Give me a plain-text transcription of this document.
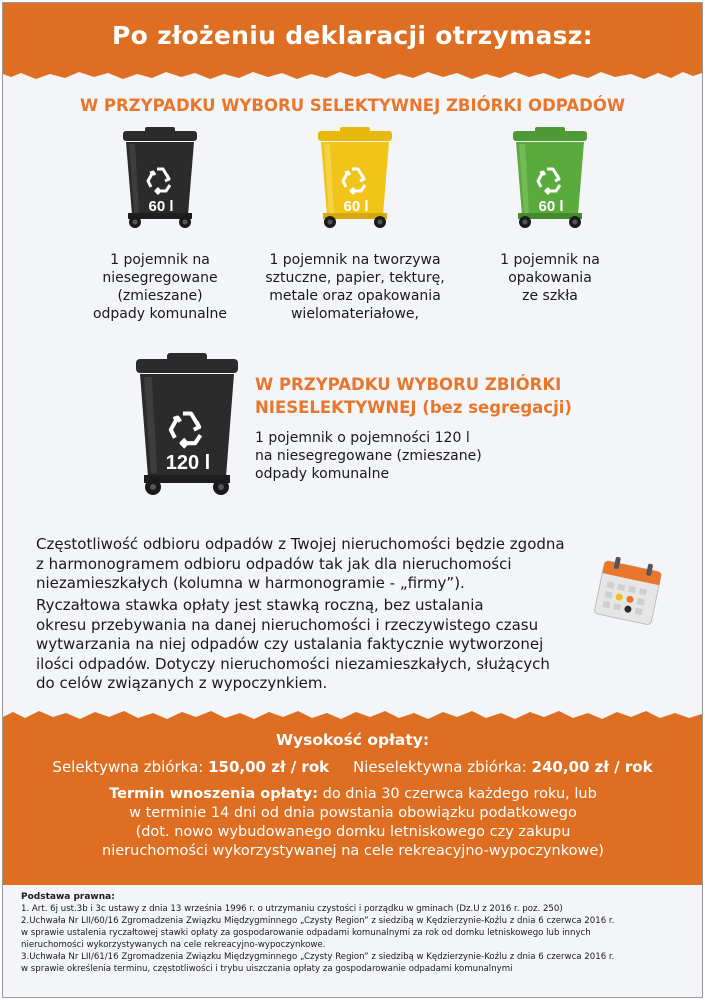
Po złożeniu deklaracji otrzymasz:
W PRZYPADKU WYBORU SELEKTYWNEJ ZBIÓRKI ODPADÓW
60 l	60 l	60 l
1 pojemnik na
niesegregowane
(zmieszane)
odpady komunalne
1 pojemnik na tworzywa
sztuczne, papier, tekturę,
metale oraz opakowania
wielomateriałowe,
1 pojemnik na
opakowania
ze szkła
120 l
W PRZYPADKU WYBORU ZBIÓRKI
NIESELEKTYWNEJ (bez segregacji)
1 pojemnik o pojemności 120 l
na niesegregowane (zmieszane)
odpady komunalne
Częstotliwość odbioru odpadów z Twojej nieruchomości będzie zgodna
z harmonogramem odbioru odpadów tak jak dla nieruchomości
niezamieszkałych (kolumna w harmonogramie - „firmy”).
Ryczałtowa stawka opłaty jest stawką roczną, bez ustalania
okresu przebywania na danej nieruchomości i rzeczywistego czasu
wytwarzania na niej odpadów czy ustalania faktycznie wytworzonej
ilości odpadów. Dotyczy nieruchomości niezamieszkałych, służących
do celów związanych z wypoczynkiem.
Wysokość opłaty:
Selektywna zbiórka: 150,00 zł / rok Nieselektywna zbiórka: 240,00 zł / rok
Termin wnoszenia opłaty: do dnia 30 czerwca każdego roku, lub
w terminie 14 dni od dnia powstania obowiązku podatkowego
(dot. nowo wybudowanego domku letniskowego czy zakupu
nieruchomości wykorzystywanej na cele rekreacyjno-wypoczynkowe)
Podstawa prawna:
1. Art. 6j ust.3b i 3c ustawy z dnia 13 września 1996 r. o utrzymaniu czystości i porządku w gminach (Dz.U z 2016 r. poz. 250)
2.Uchwała Nr LII/60/16 Zgromadzenia Związku Międzygminnego „Czysty Region” z siedzibą w Kędzierzynie-Koźlu z dnia 6 czerwca 2016 r.
w sprawie ustalenia ryczałtowej stawki opłaty za gospodarowanie odpadami komunalnymi za rok od domku letniskowego lub innych
nieruchomości wykorzystywanych na cele rekreacyjno-wypoczynkowe.
3.Uchwała Nr LII/61/16 Zgromadzenia Związku Międzygminnego „Czysty Region” z siedzibą w Kędzierzynie-Koźlu z dnia 6 czerwca 2016 r.
w sprawie określenia terminu, częstotliwości i trybu uiszczania opłaty za gospodarowanie odpadami komunalnymi
